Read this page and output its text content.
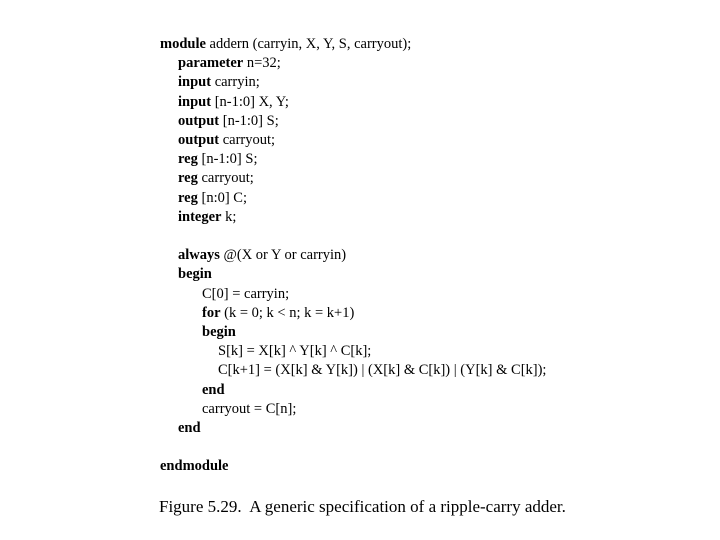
module addern (carryin, X, Y, S, carryout);
parameter n=32;
input carryin;
input [n-1:0] X, Y;
output [n-1:0] S;
output carryout;
reg [n-1:0] S;
reg carryout;
reg [n:0] C;
integer k;
always @(X or Y or carryin)
begin
C[0] = carryin;
for (k = 0; k < n; k = k+1)
begin
S[k] = X[k] ^ Y[k] ^ C[k];
C[k+1] = (X[k] & Y[k]) | (X[k] & C[k]) | (Y[k] & C[k]);
end
carryout = C[n];
end
endmodule
Figure 5.29.  A generic specification of a ripple-carry adder.
